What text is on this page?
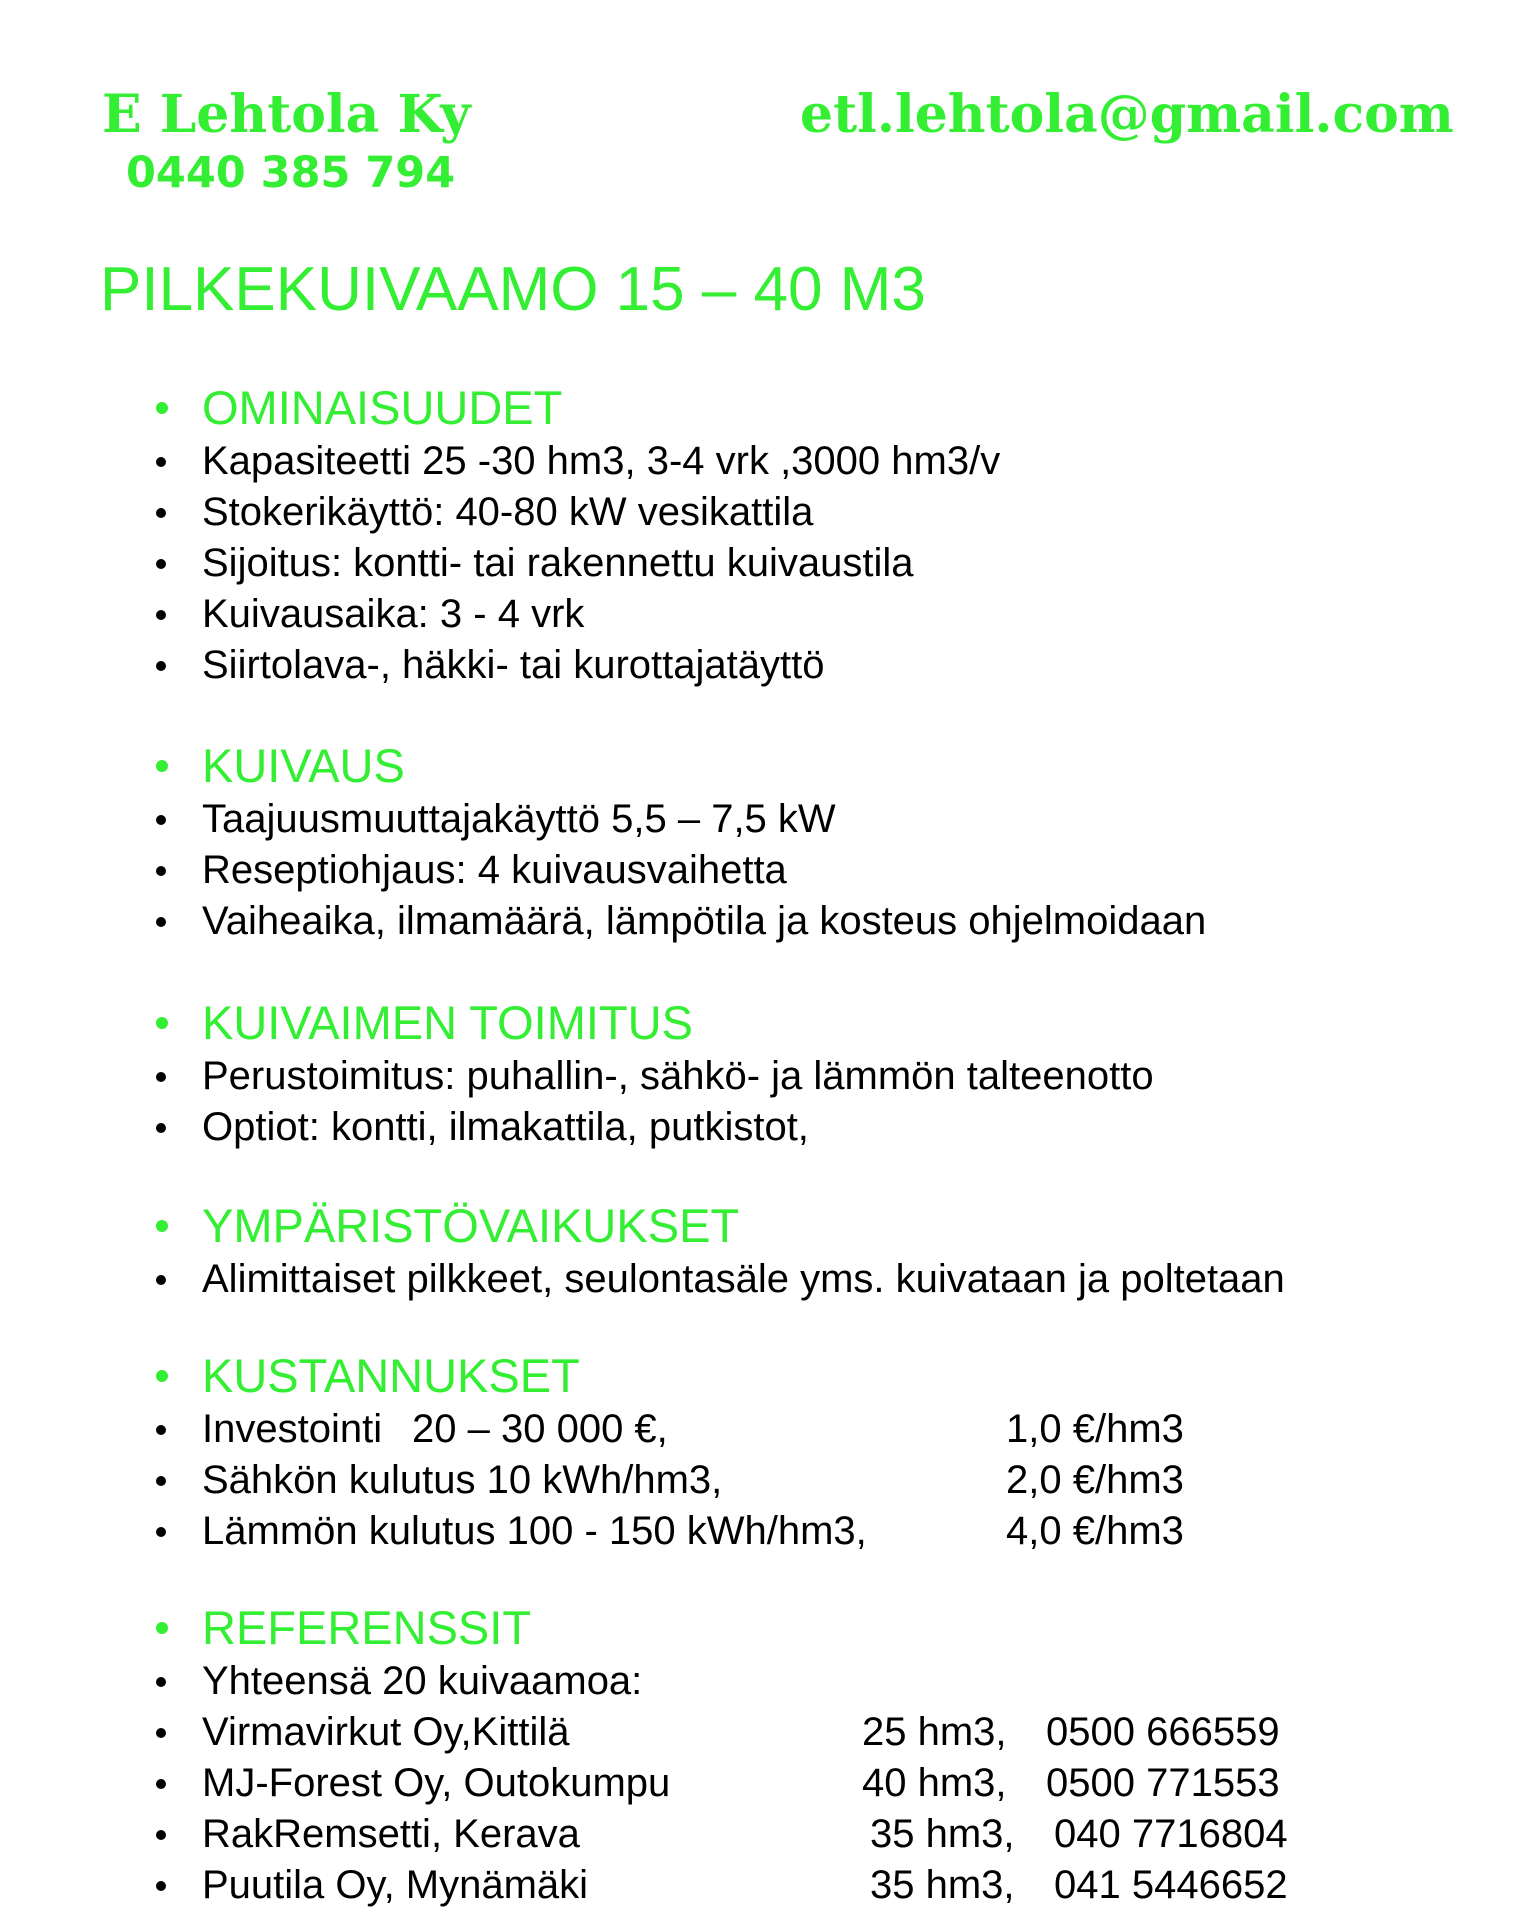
E Lehtola Ky
0440 385 794
etl.lehtola@gmail.com
PILKEKUIVAAMO 15 – 40 M3
OMINAISUUDET
Kapasiteetti 25 -30 hm3, 3-4 vrk ,3000 hm3/v
Stokerikäyttö: 40-80 kW vesikattila
Sijoitus: kontti- tai rakennettu kuivaustila
Kuivausaika: 3 - 4 vrk
Siirtolava-, häkki- tai kurottajatäyttö
KUIVAUS
Taajuusmuuttajakäyttö 5,5 – 7,5 kW
Reseptiohjaus: 4 kuivausvaihetta
Vaiheaika, ilmamäärä, lämpötila ja kosteus ohjelmoidaan
KUIVAIMEN TOIMITUS
Perustoimitus: puhallin-, sähkö- ja lämmön talteenotto
Optiot: kontti, ilmakattila, putkistot,
YMPÄRISTÖVAIKUKSET
Alimittaiset pilkkeet, seulontasäle yms. kuivataan ja poltetaan
KUSTANNUKSET
Investointi 20 – 30 000 €,	1,0 €/hm3
Sähkön kulutus 10 kWh/hm3,	2,0 €/hm3
Lämmön kulutus 100 - 150 kWh/hm3,	4,0 €/hm3
REFERENSSIT
Yhteensä 20 kuivaamoa:
Virmavirkut Oy,Kittilä	25 hm3, 0500 666559
MJ-Forest Oy, Outokumpu	40 hm3, 0500 771553
RakRemsetti, Kerava	35 hm3, 040 7716804
Puutila Oy, Mynämäki	35 hm3, 041 5446652
